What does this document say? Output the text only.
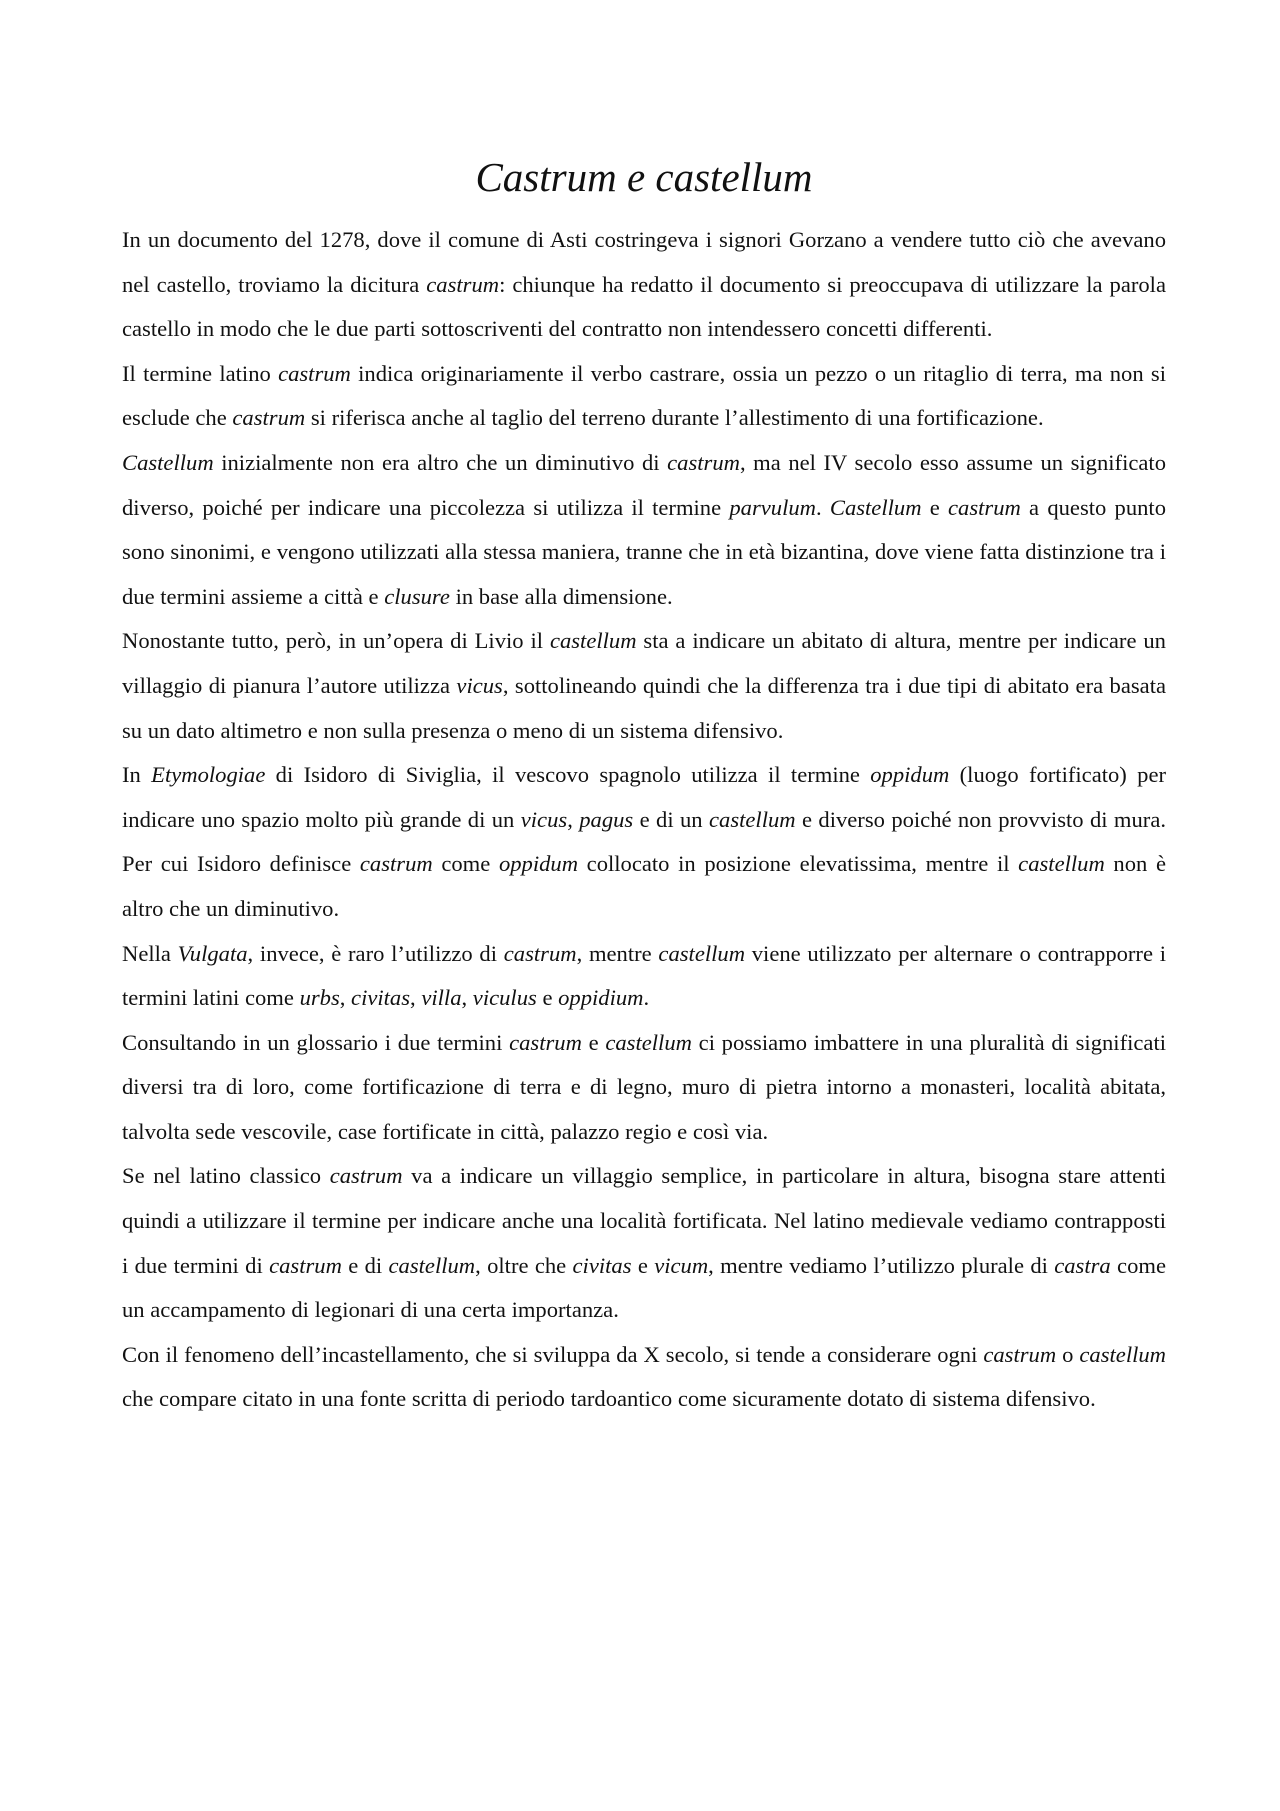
Castrum e castellum

In un documento del 1278, dove il comune di Asti costringeva i signori Gorzano a vendere tutto ciò che avevano nel castello, troviamo la dicitura castrum: chiunque ha redatto il documento si preoccupava di utilizzare la parola castello in modo che le due parti sottoscriventi del contratto non intendessero concetti differenti.

Il termine latino castrum indica originariamente il verbo castrare, ossia un pezzo o un ritaglio di terra, ma non si esclude che castrum si riferisca anche al taglio del terreno durante l’allestimento di una fortificazione.

Castellum inizialmente non era altro che un diminutivo di castrum, ma nel IV secolo esso assume un significato diverso, poiché per indicare una piccolezza si utilizza il termine parvulum. Castellum e castrum a questo punto sono sinonimi, e vengono utilizzati alla stessa maniera, tranne che in età bizantina, dove viene fatta distinzione tra i due termini assieme a città e clusure in base alla dimensione.

Nonostante tutto, però, in un’opera di Livio il castellum sta a indicare un abitato di altura, mentre per indicare un villaggio di pianura l’autore utilizza vicus, sottolineando quindi che la differenza tra i due tipi di abitato era basata su un dato altimetro e non sulla presenza o meno di un sistema difensivo.

In Etymologiae di Isidoro di Siviglia, il vescovo spagnolo utilizza il termine oppidum (luogo fortificato) per indicare uno spazio molto più grande di un vicus, pagus e di un castellum e diverso poiché non provvisto di mura. Per cui Isidoro definisce castrum come oppidum collocato in posizione elevatissima, mentre il castellum non è altro che un diminutivo.

Nella Vulgata, invece, è raro l’utilizzo di castrum, mentre castellum viene utilizzato per alternare o contrapporre i termini latini come urbs, civitas, villa, viculus e oppidium.

Consultando in un glossario i due termini castrum e castellum ci possiamo imbattere in una pluralità di significati diversi tra di loro, come fortificazione di terra e di legno, muro di pietra intorno a monasteri, località abitata, talvolta sede vescovile, case fortificate in città, palazzo regio e così via.

Se nel latino classico castrum va a indicare un villaggio semplice, in particolare in altura, bisogna stare attenti quindi a utilizzare il termine per indicare anche una località fortificata. Nel latino medievale vediamo contrapposti i due termini di castrum e di castellum, oltre che civitas e vicum, mentre vediamo l’utilizzo plurale di castra come un accampamento di legionari di una certa importanza.

Con il fenomeno dell’incastellamento, che si sviluppa da X secolo, si tende a considerare ogni castrum o castellum che compare citato in una fonte scritta di periodo tardoantico come sicuramente dotato di sistema difensivo.
